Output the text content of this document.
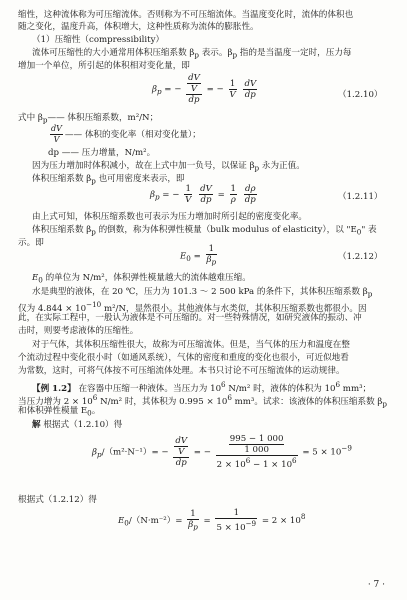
缩性，这种流体称为可压缩流体。否则称为不可压缩流体。当温度变化时，流体的体积也
随之变化，温度升高，体积增大，这种性质称为流体的膨胀性。
（1）压缩性（compressibility）
流体可压缩性的大小通常用体积压缩系数 $\beta_p$ 表示。$\beta_p$ 指的是当温度一定时，压力每
增加一个单位，所引起的体积相对变化量，即
$\beta_p$ = − $\frac{\frac{dV}{V}}{dp}$ = − $\frac{1}{V}$
$\frac{dV}{dp}$	（1.2.10）
式中 $\beta_p——$ 体积压缩系数，m²/N；
$\frac{dV}{V}$ —— 体积的变化率（相对变化量）；
dp —— 压力增量，N/m²。
因为压力增加时体积减小，故在上式中加一负号，以保证 $\beta_p$ 永为正值。
体积压缩系数 $\beta_p$ 也可用密度来表示，即
$\beta_p$ = − $\frac{1}{V}$
$\frac{dV}{dp} = \frac{1}{\rho}$
$\frac{d\rho}{dp}$	（1.2.11）
由上式可知，体积压缩系数也可表示为压力增加时所引起的密度变化率。
体积压缩系数 $\beta_p$ 的倒数，称为体积弹性模量（bulk modulus of elasticity），以 "$E_0$" 表
示。即
$E_0 = \frac{1}{\beta_p}$	（1.2.12）
$E_0$ 的单位为 N/m²，体积弹性模量越大的流体越难压缩。
水是典型的液体，在 20 ℃，压力为 101.3 ～ 2 500 kPa 的条件下，其体积压缩系数 $\beta_p$
仅为 $4.844 \times 10^{-10}$ m²/N，显然很小。其他液体与水类似，其体积压缩系数也都很小。因
此，在实际工程中，一般认为液体是不可压缩的。对一些特殊情况，如研究液体的振动、冲
击时，则要考虑液体的压缩性。
对于气体，其体积压缩性很大，故称为可压缩流体。但是，当气体的压力和温度在整
个流动过程中变化很小时（如通风系统），气体的密度和重度的变化也很小，可近似地看
为常数，这时，可将气体按不可压缩流体处理。本书只讨论不可压缩流体的运动规律。
【例 1.2】 在容器中压缩一种液体。当压力为 $10^6$ N/m² 时，液体的体积为 $10^6$ mm³；
当压力增为 $2 \times 10^6$ N/m² 时，其体积为 $0.995 \times 10^6$ mm³。试求：该液体的体积压缩系数 $\beta_p$
和体积弹性模量 $E_0$。
解 根据式（1.2.10）得
$\beta_p/(m^2\cdot N^{-1})= - \frac{\frac{dV}{V}}{dp}$ = − $\frac{\frac{995 - 1 000}{1 000}}{2 \times 10^6 - 1 \times 10^6} = 5 \times 10^{-9}$
根据式（1.2.12）得
$E_0/(N\cdot m^{-2})= \frac{1}{\beta_p} = \frac{1}{5 \times 10^{-9}} = 2 \times 10^8$
· 7 ·
